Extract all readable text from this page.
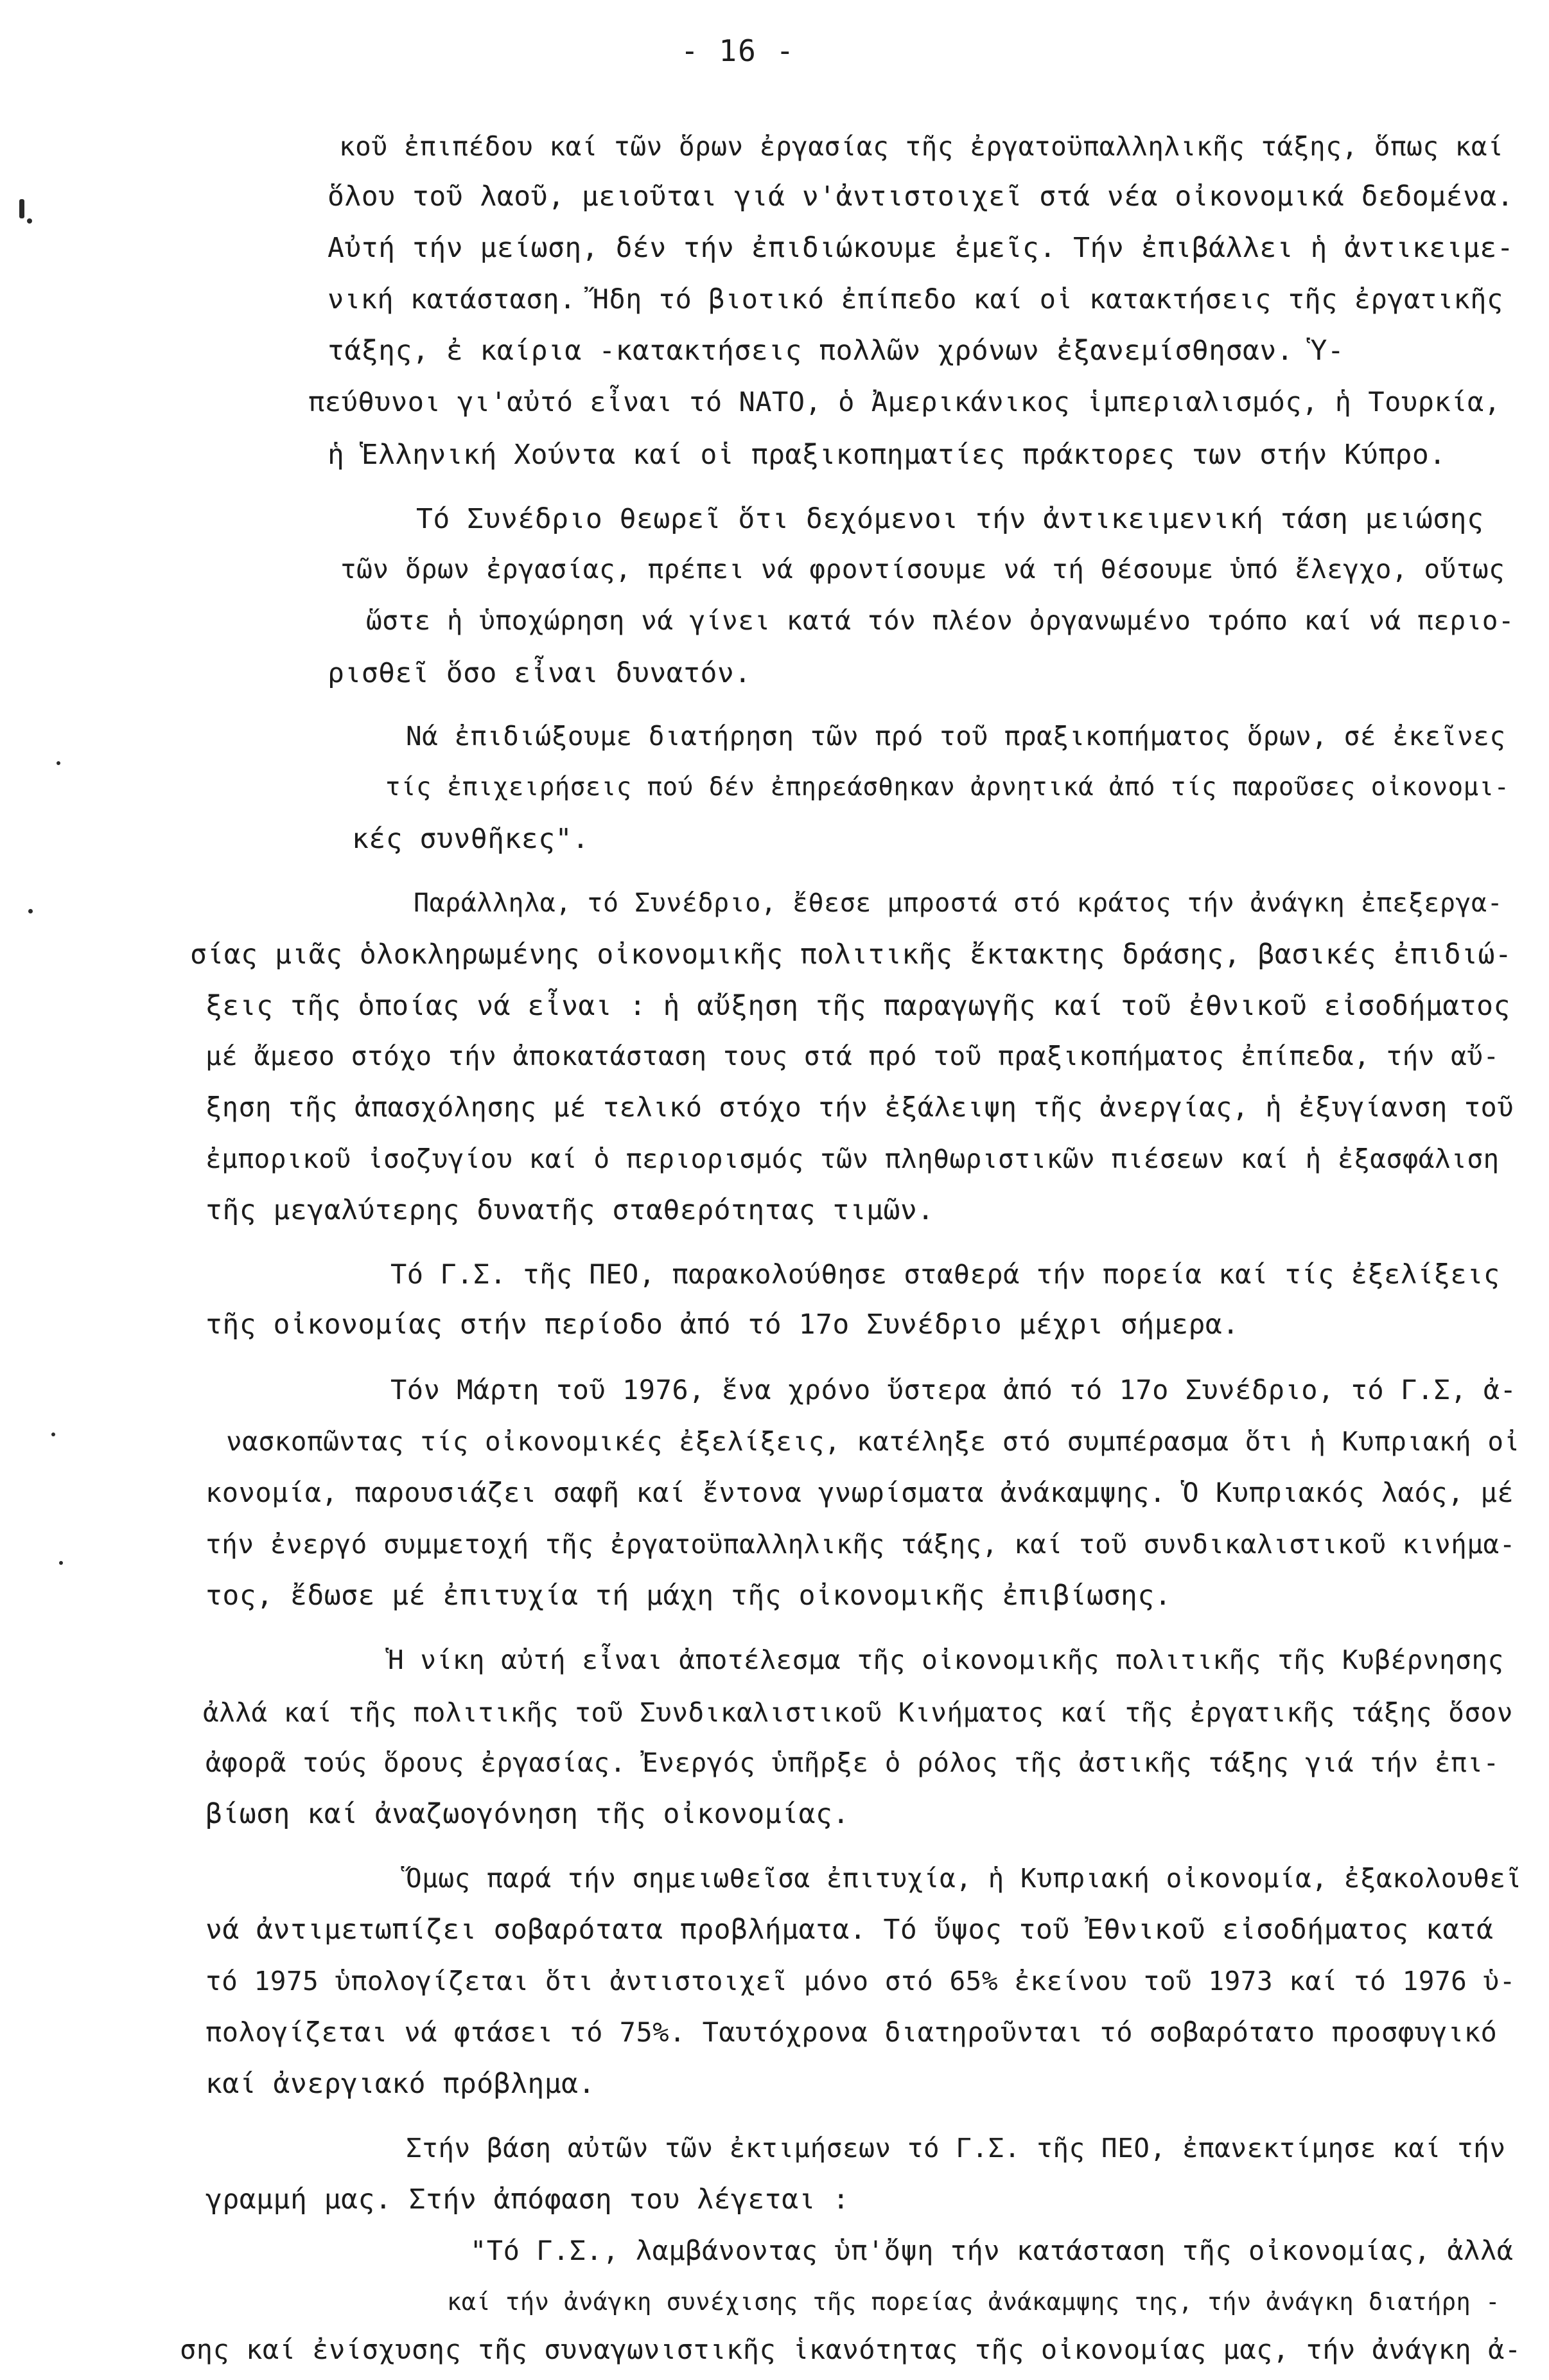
- 16 -
κοῦ ἐπιπέδου καί τῶν ὅρων ἐργασίας τῆς ἐργατοϋπαλληλικῆς τάξης, ὅπως καί
ὅλου τοῦ λαοῦ, μειοῦται γιά ν'ἀντιστοιχεῖ στά νέα οἰκονομικά δεδομένα.
Αὐτή τήν μείωση, δέν τήν ἐπιδιώκουμε ἐμεῖς. Τήν ἐπιβάλλει ἡ ἀντικειμε-
νική κατάσταση. Ἤδη τό βιοτικό ἐπίπεδο καί οἱ κατακτήσεις τῆς ἐργατικῆς
τάξης, ἐ καίρια -κατακτήσεις πολλῶν χρόνων ἐξανεμίσθησαν. Ὑ-
πεύθυνοι γι'αὐτό εἶναι τό ΝΑΤΟ, ὁ Ἀμερικάνικος ἱμπεριαλισμός, ἡ Τουρκία,
ἡ Ἑλληνική Χούντα καί οἱ πραξικοπηματίες πράκτορες των στήν Κύπρο.
Τό Συνέδριο θεωρεῖ ὅτι δεχόμενοι τήν ἀντικειμενική τάση μειώσης
τῶν ὅρων ἐργασίας, πρέπει νά φροντίσουμε νά τή θέσουμε ὑπό ἔλεγχο, οὕτως
ὥστε ἡ ὑποχώρηση νά γίνει κατά τόν πλέον ὀργανωμένο τρόπο καί νά περιο-
ρισθεῖ ὅσο εἶναι δυνατόν.
Νά ἐπιδιώξουμε διατήρηση τῶν πρό τοῦ πραξικοπήματος ὅρων, σέ ἐκεῖνες
τίς ἐπιχειρήσεις πού δέν ἐπηρεάσθηκαν ἀρνητικά ἀπό τίς παροῦσες οἰκονομι-
κές συνθῆκες".
Παράλληλα, τό Συνέδριο, ἔθεσε μπροστά στό κράτος τήν ἀνάγκη ἐπεξεργα-
σίας μιᾶς ὁλοκληρωμένης οἰκονομικῆς πολιτικῆς ἔκτακτης δράσης, βασικές ἐπιδιώ-
ξεις τῆς ὁποίας νά εἶναι : ἡ αὔξηση τῆς παραγωγῆς καί τοῦ ἐθνικοῦ εἰσοδήματος
μέ ἄμεσο στόχο τήν ἀποκατάσταση τους στά πρό τοῦ πραξικοπήματος ἐπίπεδα, τήν αὔ-
ξηση τῆς ἀπασχόλησης μέ τελικό στόχο τήν ἐξάλειψη τῆς ἀνεργίας, ἡ ἐξυγίανση τοῦ
ἐμπορικοῦ ἰσοζυγίου καί ὁ περιορισμός τῶν πληθωριστικῶν πιέσεων καί ἡ ἐξασφάλιση
τῆς μεγαλύτερης δυνατῆς σταθερότητας τιμῶν.
Τό Γ.Σ. τῆς ΠΕΟ, παρακολούθησε σταθερά τήν πορεία καί τίς ἐξελίξεις
τῆς οἰκονομίας στήν περίοδο ἀπό τό 17ο Συνέδριο μέχρι σήμερα.
Τόν Μάρτη τοῦ 1976, ἕνα χρόνο ὕστερα ἀπό τό 17ο Συνέδριο, τό Γ.Σ, ἀ-
νασκοπῶντας τίς οἰκονομικές ἐξελίξεις, κατέληξε στό συμπέρασμα ὅτι ἡ Κυπριακή οἰ
κονομία, παρουσιάζει σαφῆ καί ἔντονα γνωρίσματα ἀνάκαμψης. Ὁ Κυπριακός λαός, μέ
τήν ἐνεργό συμμετοχή τῆς ἐργατοϋπαλληλικῆς τάξης, καί τοῦ συνδικαλιστικοῦ κινήμα-
τος, ἔδωσε μέ ἐπιτυχία τή μάχη τῆς οἰκονομικῆς ἐπιβίωσης.
Ἡ νίκη αὐτή εἶναι ἀποτέλεσμα τῆς οἰκονομικῆς πολιτικῆς τῆς Κυβέρνησης
ἀλλά καί τῆς πολιτικῆς τοῦ Συνδικαλιστικοῦ Κινήματος καί τῆς ἐργατικῆς τάξης ὅσον
ἀφορᾶ τούς ὅρους ἐργασίας. Ἐνεργός ὑπῆρξε ὁ ρόλος τῆς ἀστικῆς τάξης γιά τήν ἐπι-
βίωση καί ἀναζωογόνηση τῆς οἰκονομίας.
Ὅμως παρά τήν σημειωθεῖσα ἐπιτυχία, ἡ Κυπριακή οἰκονομία, ἐξακολουθεῖ
νά ἀντιμετωπίζει σοβαρότατα προβλήματα. Τό ὕψος τοῦ Ἐθνικοῦ εἰσοδήματος κατά
τό 1975 ὑπολογίζεται ὅτι ἀντιστοιχεῖ μόνο στό 65% ἐκείνου τοῦ 1973 καί τό 1976 ὑ-
πολογίζεται νά φτάσει τό 75%. Ταυτόχρονα διατηροῦνται τό σοβαρότατο προσφυγικό
καί ἀνεργιακό πρόβλημα.
Στήν βάση αὐτῶν τῶν ἐκτιμήσεων τό Γ.Σ. τῆς ΠΕΟ, ἐπανεκτίμησε καί τήν
γραμμή μας. Στήν ἀπόφαση του λέγεται :
"Τό Γ.Σ., λαμβάνοντας ὑπ'ὄψη τήν κατάσταση τῆς οἰκονομίας, ἀλλά
καί τήν ἀνάγκη συνέχισης τῆς πορείας ἀνάκαμψης της, τήν ἀνάγκη διατήρη -
σης καί ἐνίσχυσης τῆς συναγωνιστικῆς ἱκανότητας τῆς οἰκονομίας μας, τήν ἀνάγκη ἀ-
